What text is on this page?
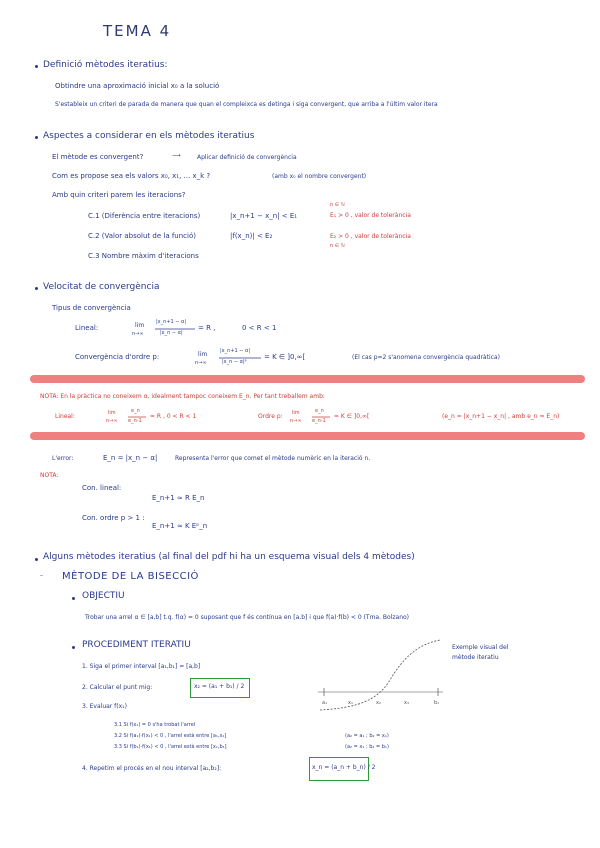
TEMA 4
Definició mètodes iteratius:
Obtindre una aproximació inicial x₀ a la solució
S'estableix un criteri de parada de manera que quan el compleixca es detinga i siga convergent, que arriba a l'últim valor itera
Aspectes a considerar en els mètodes iteratius
El mètode es convergent?	⟶	Aplicar definició de convergència
Com es propose sea els valors x₀, x₁, ... x_k ?	(amb x₀ el nombre convergent)
Amb quin criteri parem les iteracions?
C.1 (Diferència entre iteracions)	|x_n+1 − x_n| < E₁
n ∈ ℕ
E₁ > 0 , valor de tolerància
C.2 (Valor absolut de la funció)	|f(x_n)| < E₂	E₂ > 0 , valor de tolerància
n ∈ ℕ
C.3 Nombre màxim d'iteracions
Velocitat de convergència
Tipus de convergència
Lineal:	lim
n→∞
|x_n+1 − α|
|x_n − α|
= R ,	0 < R < 1
Convergència d'ordre p:	lim
n→∞
|x_n+1 − α|
|x_n − α|ᵖ
= K ∈ ]0,∞[	(El cas p=2 s'anomena convergència quadràtica)
NOTA: En la pràctica no coneixem α, idealment tampoc coneixem E_n. Per tant treballem amb:
Lineal:	lim
n→∞
e_n
e_n-1
= R , 0 < R < 1	Ordre p: lim
n→∞
e_n
e_n-1
= K ∈ ]0,∞[	(e_n = |x_n+1 − x_n| , amb e_n ≈ E_n)
L'error:	E_n = |x_n − α|	Representa l'error que comet el mètode numèric en la iteració n.
NOTA:
Con. lineal:
E_n+1 ≈ R E_n
Con. ordre p > 1 :
E_n+1 ≈ K Eᵖ_n
Alguns mètodes iteratius (al final del pdf hi ha un esquema visual dels 4 mètodes)
– MÈTODE DE LA BISECCIÓ
OBJECTIU
Trobar una arrel α ∈ [a,b] t.q. f(α) = 0 suposant que f és contínua en [a,b] i que f(a)·f(b) < 0 (Tma. Bolzano)
PROCEDIMENT ITERATIU
a₁	x₁	x₂	x₃	b₁
Exemple visual del
mètode iteratiu
1. Siga el primer interval [a₁,b₁] = [a,b]
2. Calcular el punt mig:	x₂ = (a₁ + b₁) / 2
3. Evaluar f(x₁)
3.1 Si f(x₁) = 0 s'ha trobat l'arrel
3.2 Si f(a₁)·f(x₁) < 0 , l'arrel està entre [a₁,x₁]	(a₂ = a₁ ; b₂ = x₁)
3.3 Si f(b₁)·f(x₁) < 0 , l'arrel està entre [x₁,b₁]	(a₂ = x₁ ; b₂ = b₁)
4. Repetim el procés en el nou interval [a₂,b₂]:	x_n = (a_n + b_n) / 2
